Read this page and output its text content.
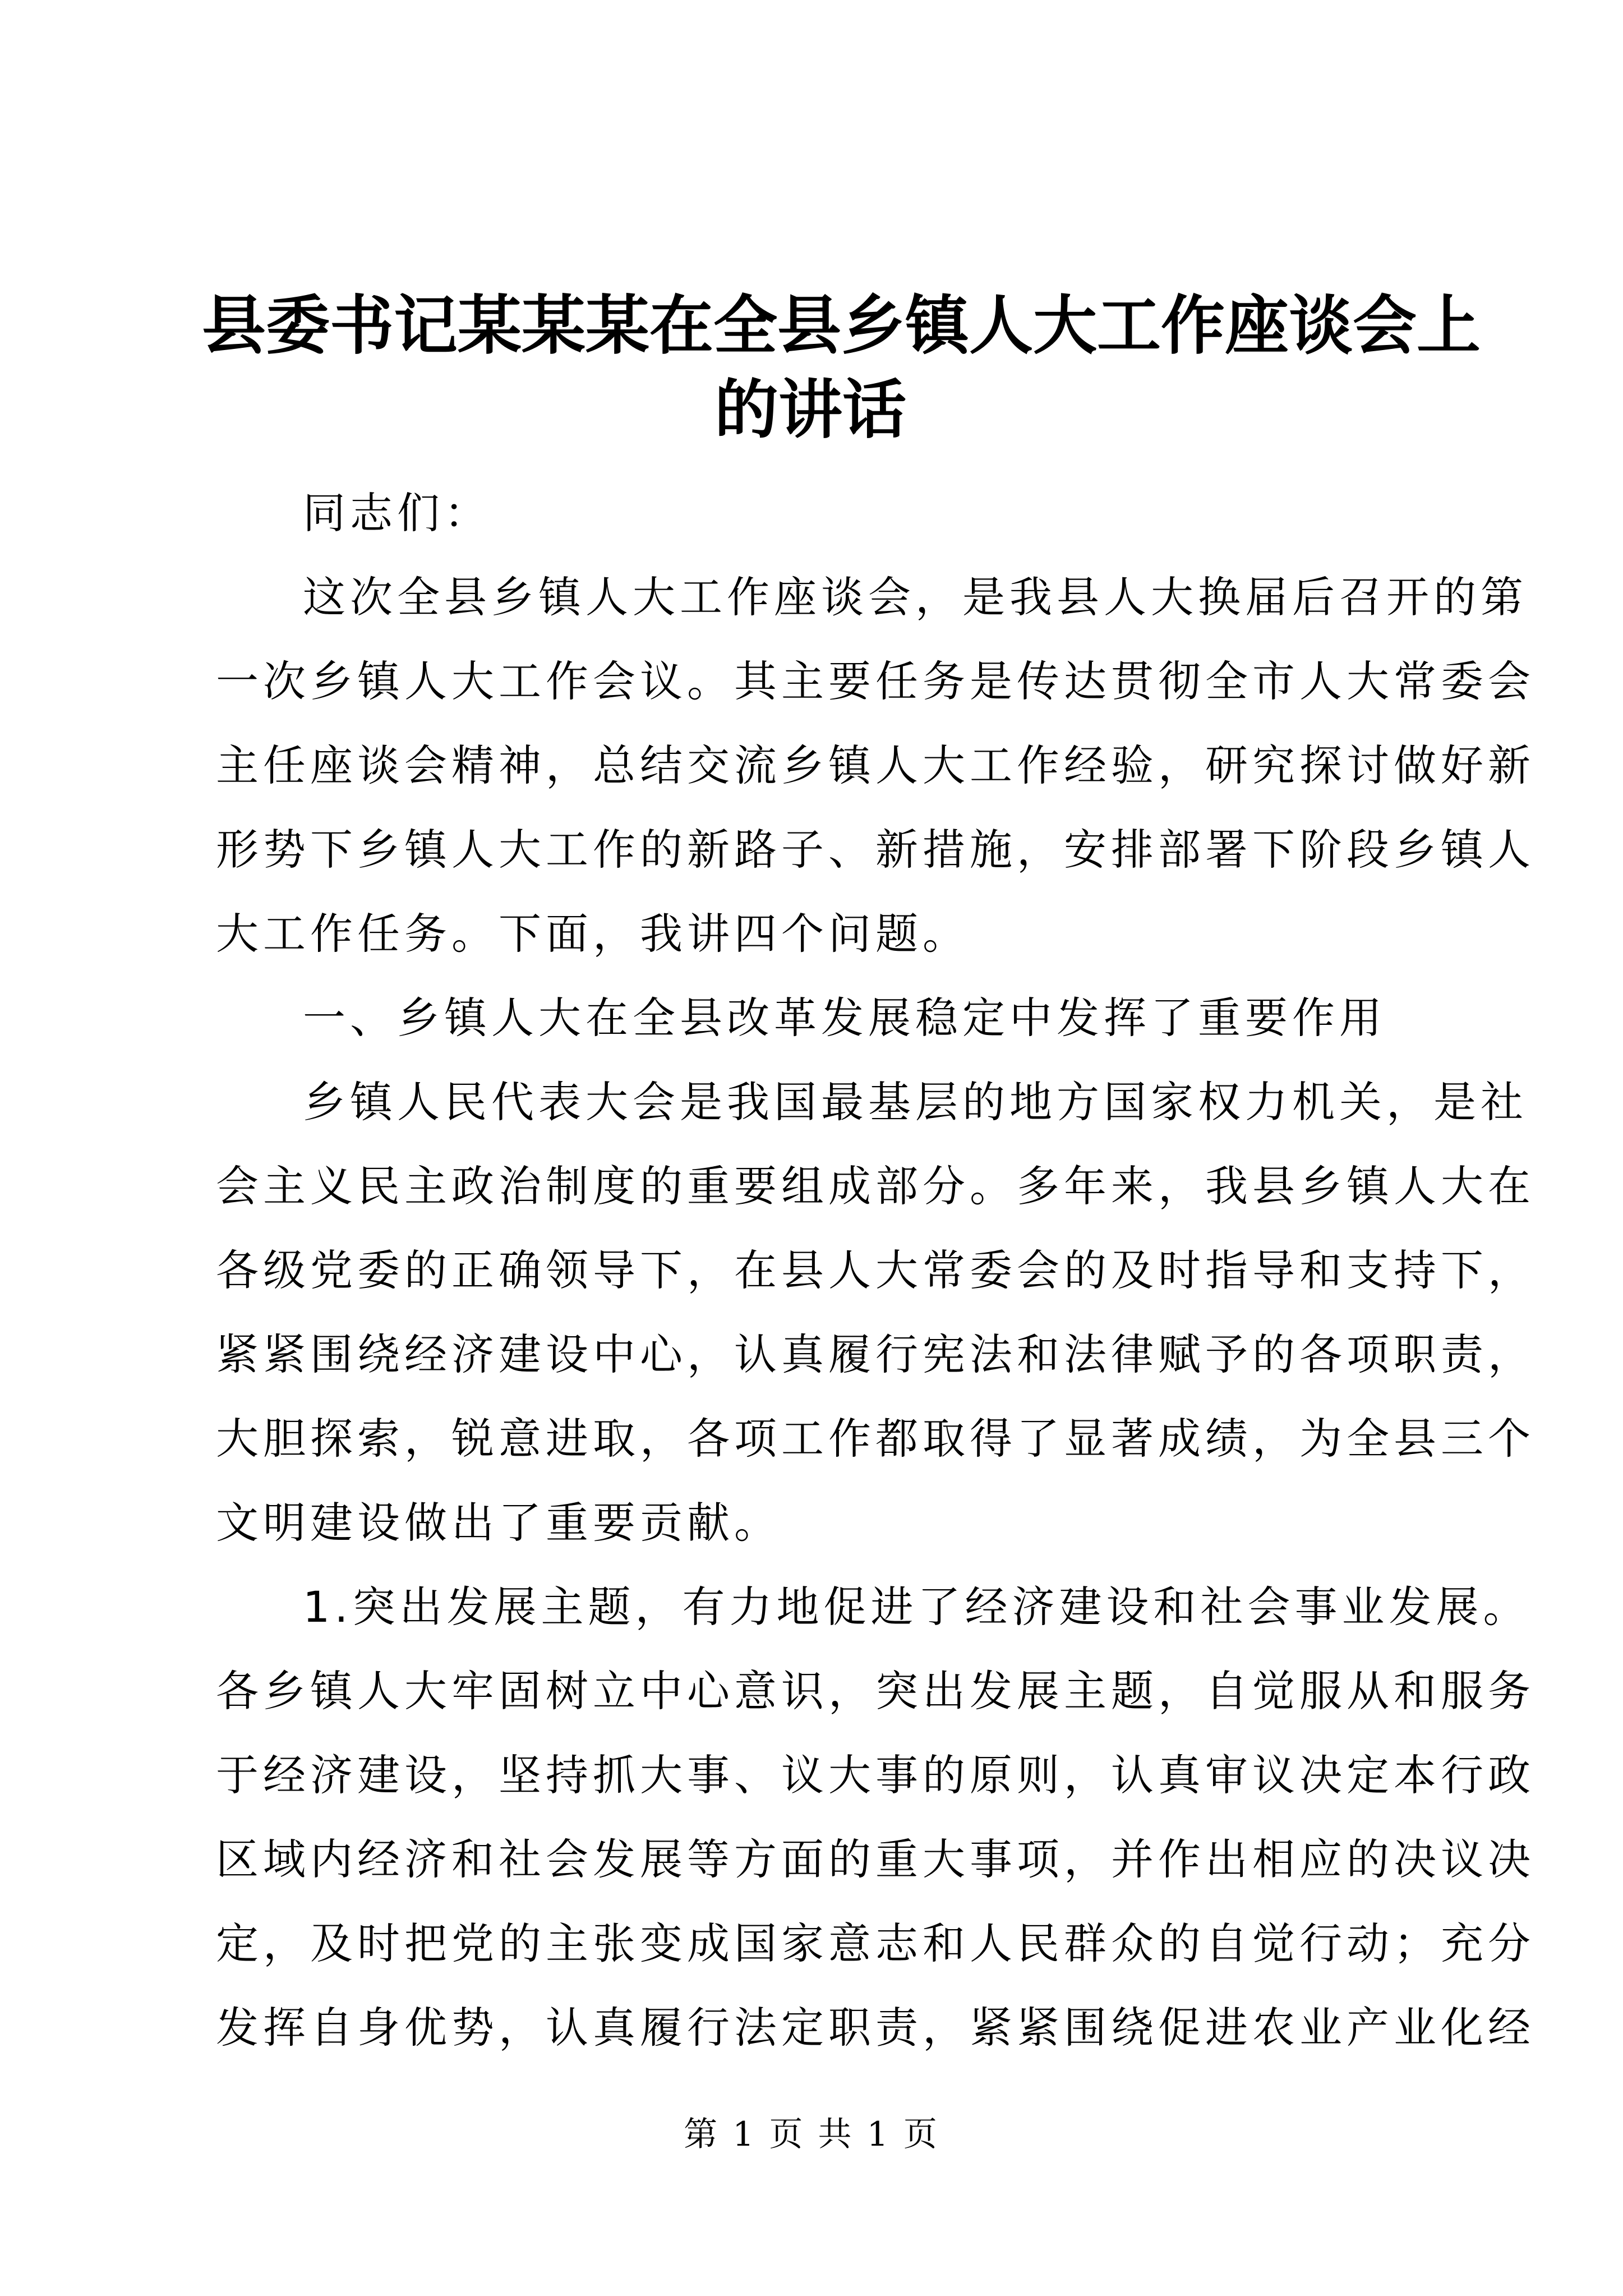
县委书记某某某在全县乡镇人大工作座谈会上
的讲话
同志们：
这次全县乡镇人大工作座谈会，是我县人大换届后召开的第
一次乡镇人大工作会议。其主要任务是传达贯彻全市人大常委会
主任座谈会精神，总结交流乡镇人大工作经验，研究探讨做好新
形势下乡镇人大工作的新路子、新措施，安排部署下阶段乡镇人
大工作任务。下面，我讲四个问题。
一、乡镇人大在全县改革发展稳定中发挥了重要作用
乡镇人民代表大会是我国最基层的地方国家权力机关，是社
会主义民主政治制度的重要组成部分。多年来，我县乡镇人大在
各级党委的正确领导下，在县人大常委会的及时指导和支持下，
紧紧围绕经济建设中心，认真履行宪法和法律赋予的各项职责，
大胆探索，锐意进取，各项工作都取得了显著成绩，为全县三个
文明建设做出了重要贡献。
1.突出发展主题，有力地促进了经济建设和社会事业发展。
各乡镇人大牢固树立中心意识，突出发展主题，自觉服从和服务
于经济建设，坚持抓大事、议大事的原则，认真审议决定本行政
区域内经济和社会发展等方面的重大事项，并作出相应的决议决
定，及时把党的主张变成国家意志和人民群众的自觉行动；充分
发挥自身优势，认真履行法定职责，紧紧围绕促进农业产业化经
第 1 页 共 1 页
